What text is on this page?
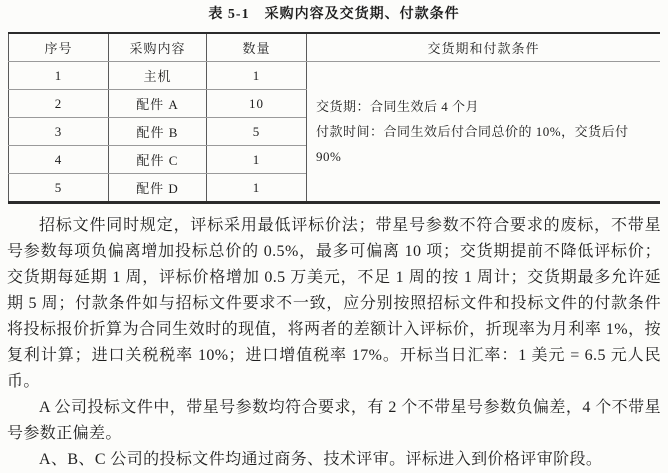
表 5-1　采购内容及交货期、付款条件
序号	采购内容	数量	交货期和付款条件
1	主机	1	交货期：合同生效后 4 个月
付款时间：合同生效后付合同总价的 10%，交货后付 90%

2	配件 A	10	
3	配件 B	5	
4	配件 C	1	
5	配件 D	1	

招标文件同时规定，评标采用最低评标价法；带星号参数不符合要求的废标，不带星号参数每项负偏离增加投标总价的 0.5%，最多可偏离 10 项；交货期提前不降低评标价；交货期每延期 1 周，评标价格增加 0.5 万美元，不足 1 周的按 1 周计；交货期最多允许延期 5 周；付款条件如与招标文件要求不一致，应分别按照招标文件和投标文件的付款条件将投标报价折算为合同生效时的现值，将两者的差额计入评标价，折现率为月利率 1%，按复利计算；进口关税税率 10%；进口增值税率 17%。开标当日汇率：1 美元 = 6.5 元人民币。

A 公司投标文件中，带星号参数均符合要求，有 2 个不带星号参数负偏差，4 个不带星号参数正偏差。

A、B、C 公司的投标文件均通过商务、技术评审。评标进入到价格评审阶段。
